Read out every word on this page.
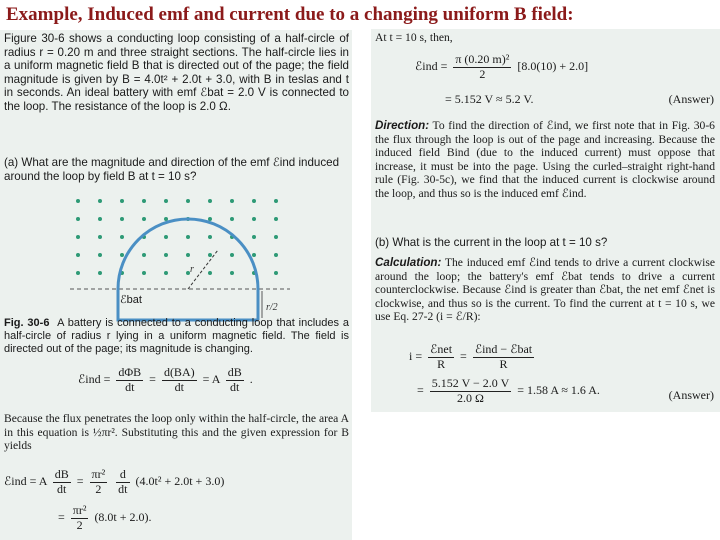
Example, Induced emf and current due to a changing uniform B field:
Figure 30-6 shows a conducting loop consisting of a half-circle of radius r = 0.20 m and three straight sections. The half-circle lies in a uniform magnetic field B that is directed out of the page; the field magnitude is given by B = 4.0t² + 2.0t + 3.0, with B in teslas and t in seconds. An ideal battery with emf ℰbat = 2.0 V is connected to the loop. The resistance of the loop is 2.0 Ω.
(a) What are the magnitude and direction of the emf ℰind induced around the loop by field B at t = 10 s?
r
r/2
ℰbat
Fig. 30-6 A battery is connected to a conducting loop that includes a half-circle of radius r lying in a uniform magnetic field. The field is directed out of the page; its magnitude is changing.
ℰind = $\frac{\text{dΦB}}{dt} = \frac{d(BA)}{dt} = A \frac{dB}{dt}$ .
Because the flux penetrates the loop only within the half-circle, the area A in this equation is ½πr². Substituting this and the given expression for B yields
ℰind = A $\frac{dB}{dt} = \frac{\text{πr²}}{2}$
$\frac{d}{dt} (4.0t^2 + 2.0t + 3.0)$
= $\frac{\text{πr²}}{2} (8.0t + 2.0)$.
At t = 10 s, then,
ℰind = $\frac{\text{π (0.20 m)²}}{2} [8.0(10) + 2.0]$
= 5.152 V ≈ 5.2 V.	(Answer)
Direction: To find the direction of ℰind, we first note that in Fig. 30-6 the flux through the loop is out of the page and increasing. Because the induced field Bind (due to the induced current) must oppose that increase, it must be into the page. Using the curled–straight right-hand rule (Fig. 30-5c), we find that the induced current is clockwise around the loop, and thus so is the induced emf ℰind.
(b) What is the current in the loop at t = 10 s?
Calculation: The induced emf ℰind tends to drive a current clockwise around the loop; the battery's emf ℰbat tends to drive a current counterclockwise. Because ℰind is greater than ℰbat, the net emf ℰnet is clockwise, and thus so is the current. To find the current at t = 10 s, we use Eq. 27-2 (i = ℰ/R):
$i = \frac{\text{ℰnet}}{R} = \frac{\text{ℰind − ℰbat}}{R}$
= $\frac{5.152 V - 2.0 V}{2.0 \Omega} = 1.58$ A ≈ 1.6 A.	(Answer)
